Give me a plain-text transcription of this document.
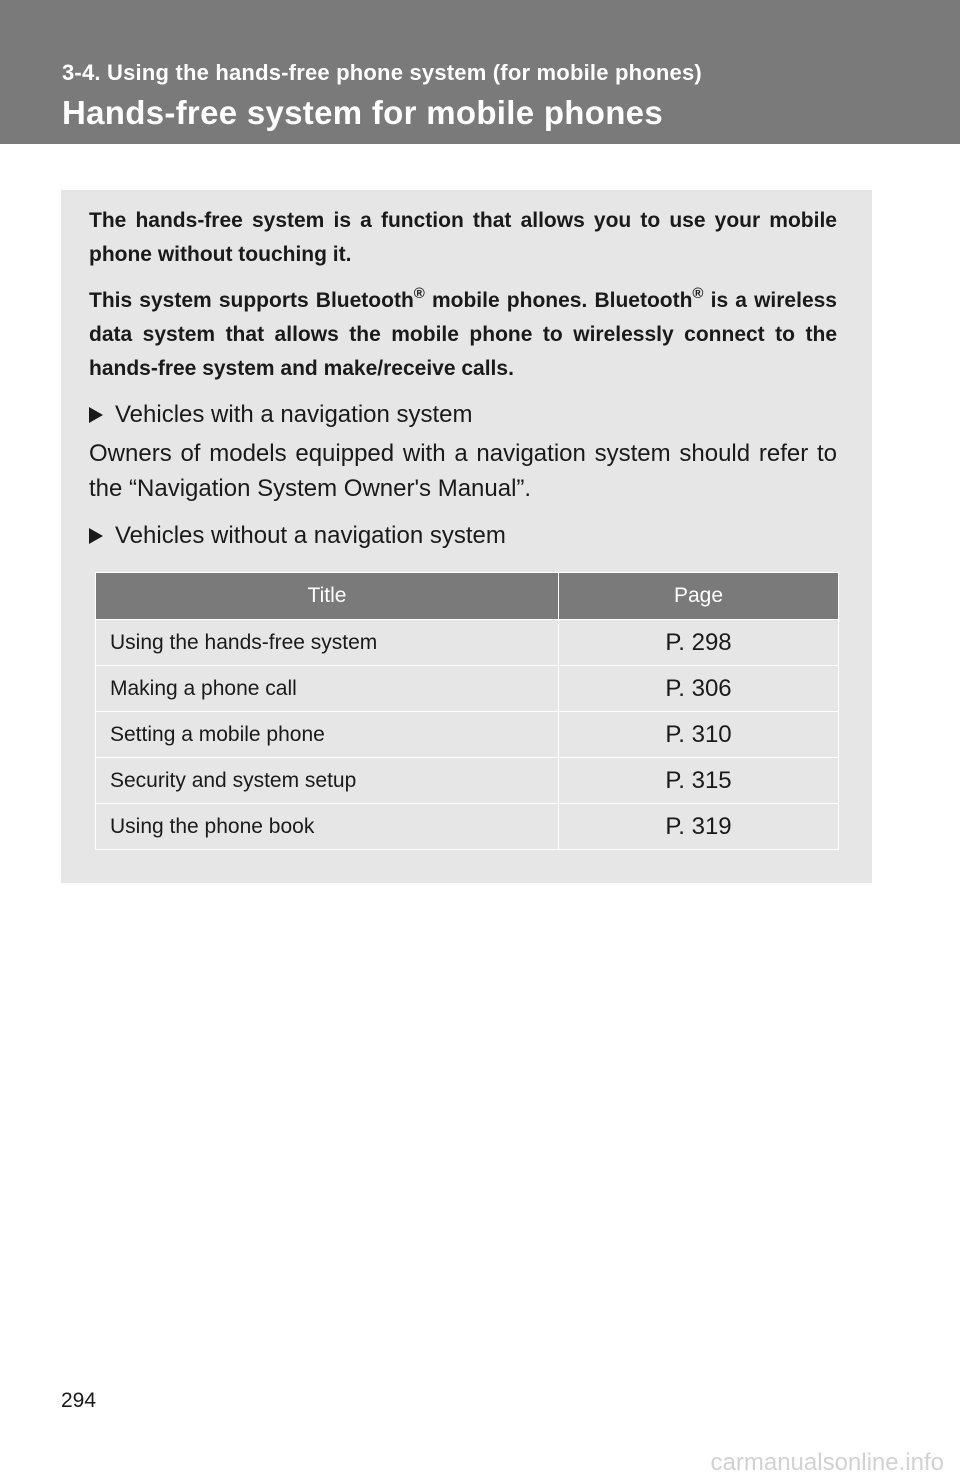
3-4. Using the hands-free phone system (for mobile phones)
Hands-free system for mobile phones

The hands-free system is a function that allows you to use your mobile phone without touching it.

This system supports Bluetooth® mobile phones. Bluetooth® is a wireless data system that allows the mobile phone to wirelessly connect to the hands-free system and make/receive calls.

Vehicles with a navigation system

Owners of models equipped with a navigation system should refer to the “Navigation System Owner's Manual”.

Vehicles without a navigation system

Title	Page
Using the hands-free system	P. 298
Making a phone call	P. 306
Setting a mobile phone	P. 310
Security and system setup	P. 315
Using the phone book	P. 319
294
carmanualsonline.info
